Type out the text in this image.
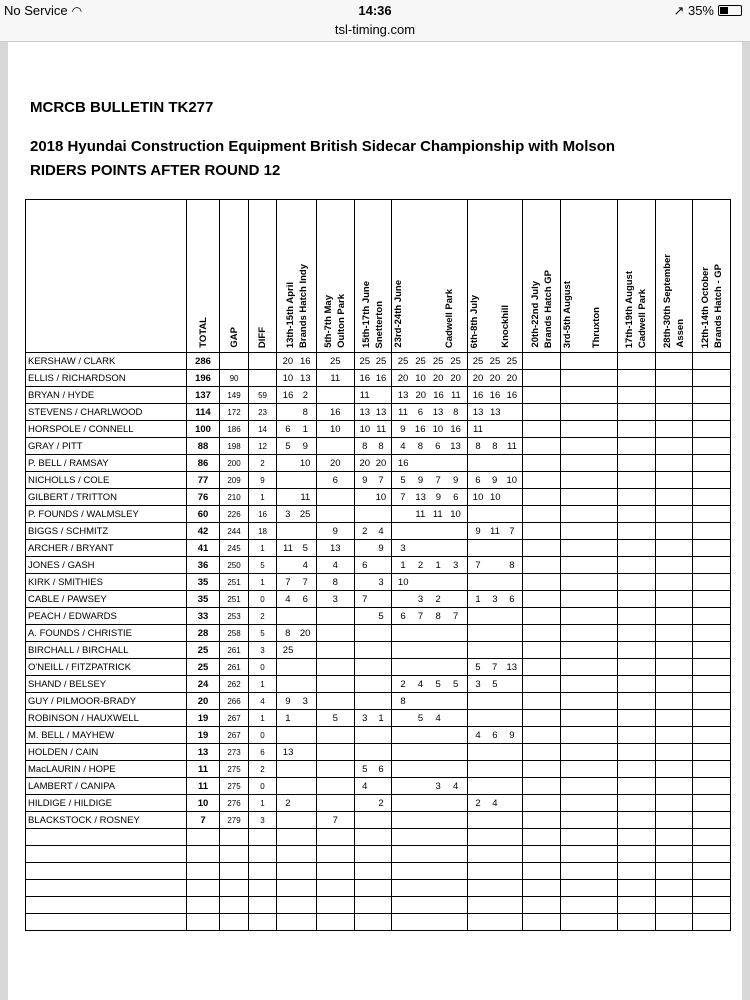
No Service ◠	14:36	↗ 35%
tsl-timing.com
MCRCB BULLETIN TK277
2018 Hyundai Construction Equipment British Sidecar Championship with Molson
RIDERS POINTS AFTER ROUND 12
	TOTAL	GAP	DIFF	13th-15th April Brands Hatch Indy	5th-7th May Oulton Park	15th-17th June Snetterton	23rd-24th June Cadwell Park	6th-8th July Knockhill	20th-22nd July Brands Hatch GP	3rd-5th August Thruxton	17th-19th August Cadwell Park	28th-30th September Assen	12th-14th October Brands Hatch - GP
KERSHAW / CLARK	286			20 16	25	25 25	25 25 25 25	25 25 25					

ELLIS / RICHARDSON	196	90		10 13	11	16 16	20 10 20 20	20 20 20					

BRYAN / HYDE	137	149	59	16 2		11	13 20 16 11	16 16 16					

STEVENS / CHARLWOOD	114	172	23	8	16	13 13	11 6 13 8	13 13					

HORSPOLE / CONNELL	100	186	14	6 1	10	10 11	9 16 10 16	11					

GRAY / PITT	88	198	12	5 9		8 8	4 8 6 13	8 8 11					

P. BELL / RAMSAY	86	200	2	10	20	20 20	16						

NICHOLLS / COLE	77	209	9		6	9 7	5 9 7 9	6 9 10					

GILBERT / TRITTON	76	210	1	11		10	7 13 9 6	10 10					

P. FOUNDS / WALMSLEY	60	226	16	3 25			11 11 10						

BIGGS / SCHMITZ	42	244	18		9	2 4		9 11 7					

ARCHER / BRYANT	41	245	1	11 5	13	9	3						

JONES / GASH	36	250	5	4	4	6	1 2 1 3	7 8					

KIRK / SMITHIES	35	251	1	7 7	8	3	10						

CABLE / PAWSEY	35	251	0	4 6	3	7	3 2	1 3 6					

PEACH / EDWARDS	33	253	2			5	6 7 8 7						

A. FOUNDS / CHRISTIE	28	258	5	8 20									

BIRCHALL / BIRCHALL	25	261	3	25									

O'NEILL / FITZPATRICK	25	261	0					5 7 13					

SHAND / BELSEY	24	262	1				2 4 5 5	3 5					

GUY / PILMOOR-BRADY	20	266	4	9 3			8						

ROBINSON / HAUXWELL	19	267	1	1	5	3 1	5 4						

M. BELL / MAYHEW	19	267	0					4 6 9					

HOLDEN / CAIN	13	273	6	13									

MacLAURIN / HOPE	11	275	2			5 6							

LAMBERT / CANIPA	11	275	0			4	3 4						

HILDIGE / HILDIGE	10	276	1	2		2		2 4					

BLACKSTOCK / ROSNEY	7	279	3		7								
